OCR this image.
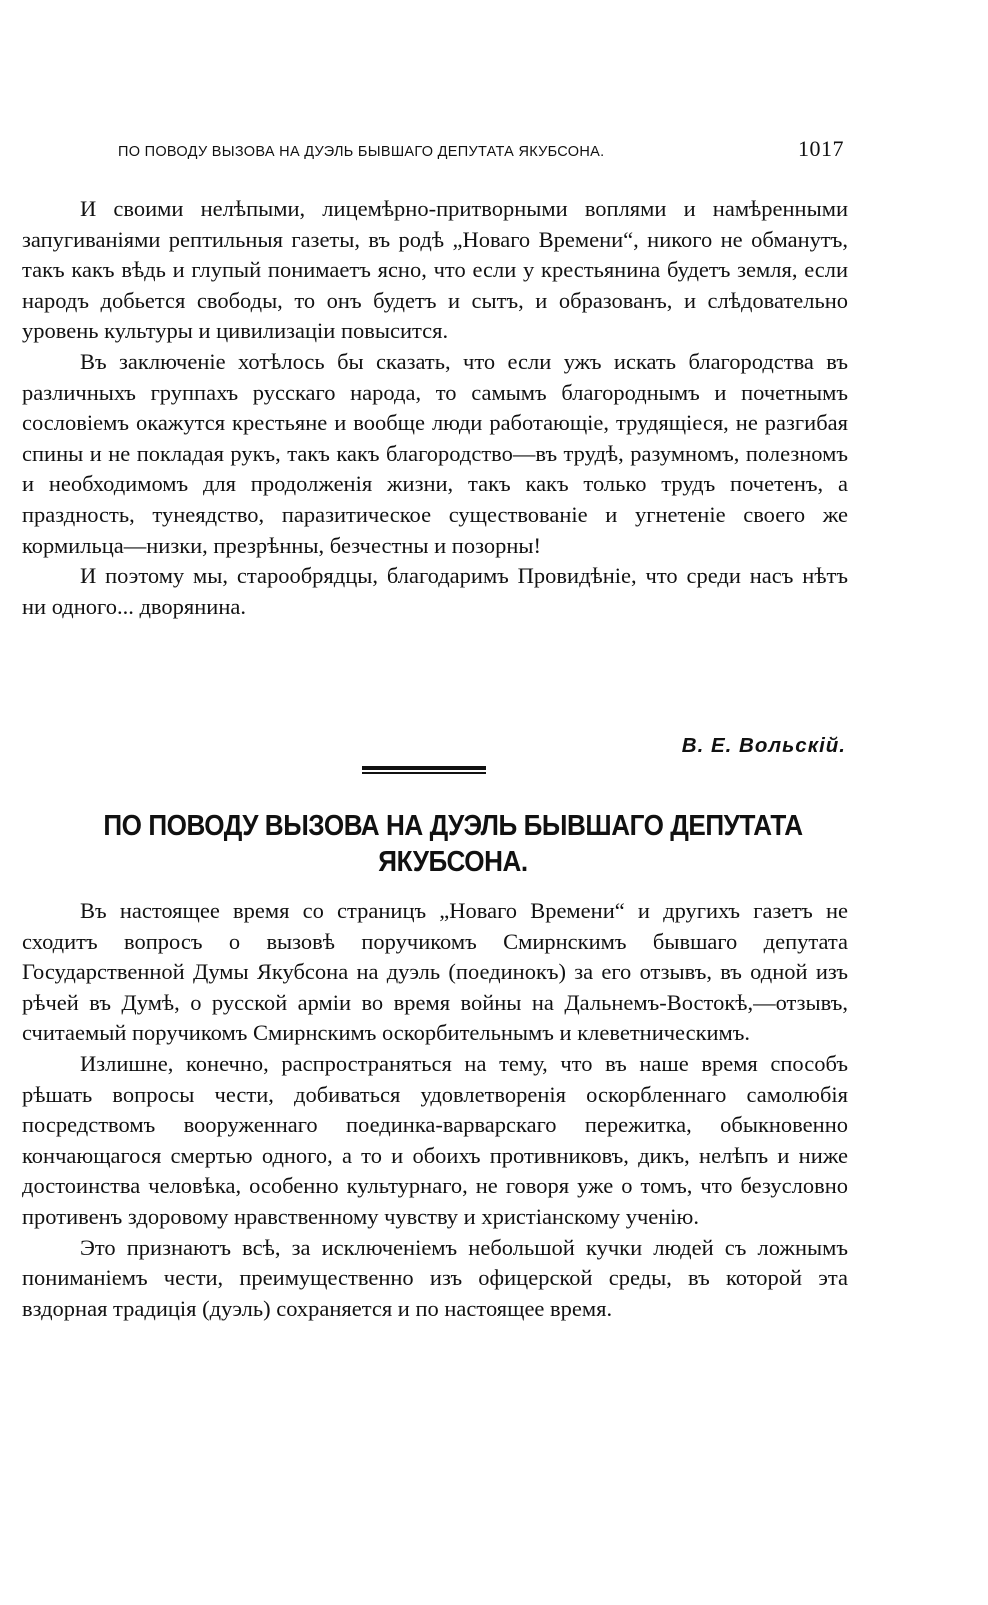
ПО ПОВОДУ ВЫЗОВА НА ДУЭЛЬ БЫВШАГО ДЕПУТАТА ЯКУБСОНА.	1017

И своими нелѣпыми, лицемѣрно-притворными воплями и намѣренными запугиваніями рептильныя газеты, въ родѣ „Новаго Времени“, никого не обманутъ, такъ какъ вѣдь и глупый понимаетъ ясно, что если у крестьянина будетъ земля, если народъ добьется свободы, то онъ будетъ и сытъ, и образованъ, и слѣдовательно уровень культуры и цивилизаціи повысится.

Въ заключеніе хотѣлось бы сказать, что если ужъ искать благородства въ различныхъ группахъ русскаго народа, то самымъ благороднымъ и почетнымъ сословіемъ окажутся крестьяне и вообще люди работающіе, трудящіеся, не разгибая спины и не покладая рукъ, такъ какъ благородство—въ трудѣ, разумномъ, полезномъ и необходимомъ для продолженія жизни, такъ какъ только трудъ почетенъ, а праздность, тунеядство, паразитическое существованіе и угнетеніе своего же кормильца—низки, презрѣнны, безчестны и позорны!

И поэтому мы, старообрядцы, благодаримъ Провидѣніе, что среди насъ нѣтъ ни одного... дворянина.

В. Е. Вольскій.
ПО ПОВОДУ ВЫЗОВА НА ДУЭЛЬ БЫВШАГО ДЕПУТАТА ЯКУБСОНА.

Въ настоящее время со страницъ „Новаго Времени“ и другихъ газетъ не сходитъ вопросъ о вызовѣ поручикомъ Смирнскимъ бывшаго депутата Государственной Думы Якубсона на дуэль (поединокъ) за его отзывъ, въ одной изъ рѣчей въ Думѣ, о русской арміи во время войны на Дальнемъ-Востокѣ,—отзывъ, считаемый поручикомъ Смирнскимъ оскорбительнымъ и клеветническимъ.

Излишне, конечно, распространяться на тему, что въ наше время способъ рѣшать вопросы чести, добиваться удовлетворенія оскорбленнаго самолюбія посредствомъ вооруженнаго поединка-варварскаго пережитка, обыкновенно кончающагося смертью одного, а то и обоихъ противниковъ, дикъ, нелѣпъ и ниже достоинства человѣка, особенно культурнаго, не говоря уже о томъ, что безусловно противенъ здоровому нравственному чувству и христіанскому ученію.

Это признаютъ всѣ, за исключеніемъ небольшой кучки людей съ ложнымъ пониманіемъ чести, преимущественно изъ офицерской среды, въ которой эта вздорная традиція (дуэль) сохраняется и по настоящее время.
